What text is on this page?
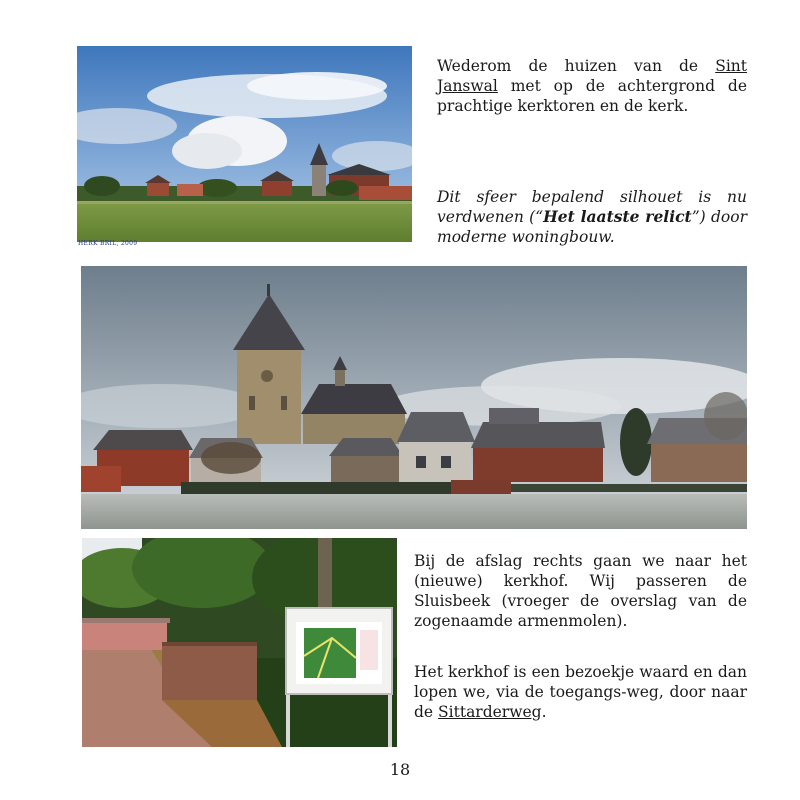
HERK BRIL, 2009

Wederom de huizen van de Sint Janswal met op de achtergrond de prachtige kerktoren en de kerk.

Dit sfeer bepalend silhouet is nu verdwenen (“Het laatste relict”) door moderne woningbouw.

Bij de afslag rechts gaan we naar het (nieuwe) kerkhof. Wij passeren de Sluisbeek (vroeger de overslag van de zogenaamde armenmolen).

Het kerkhof is een bezoekje waard en dan lopen we, via de toegangs-weg, door naar de Sittarderweg.

18
